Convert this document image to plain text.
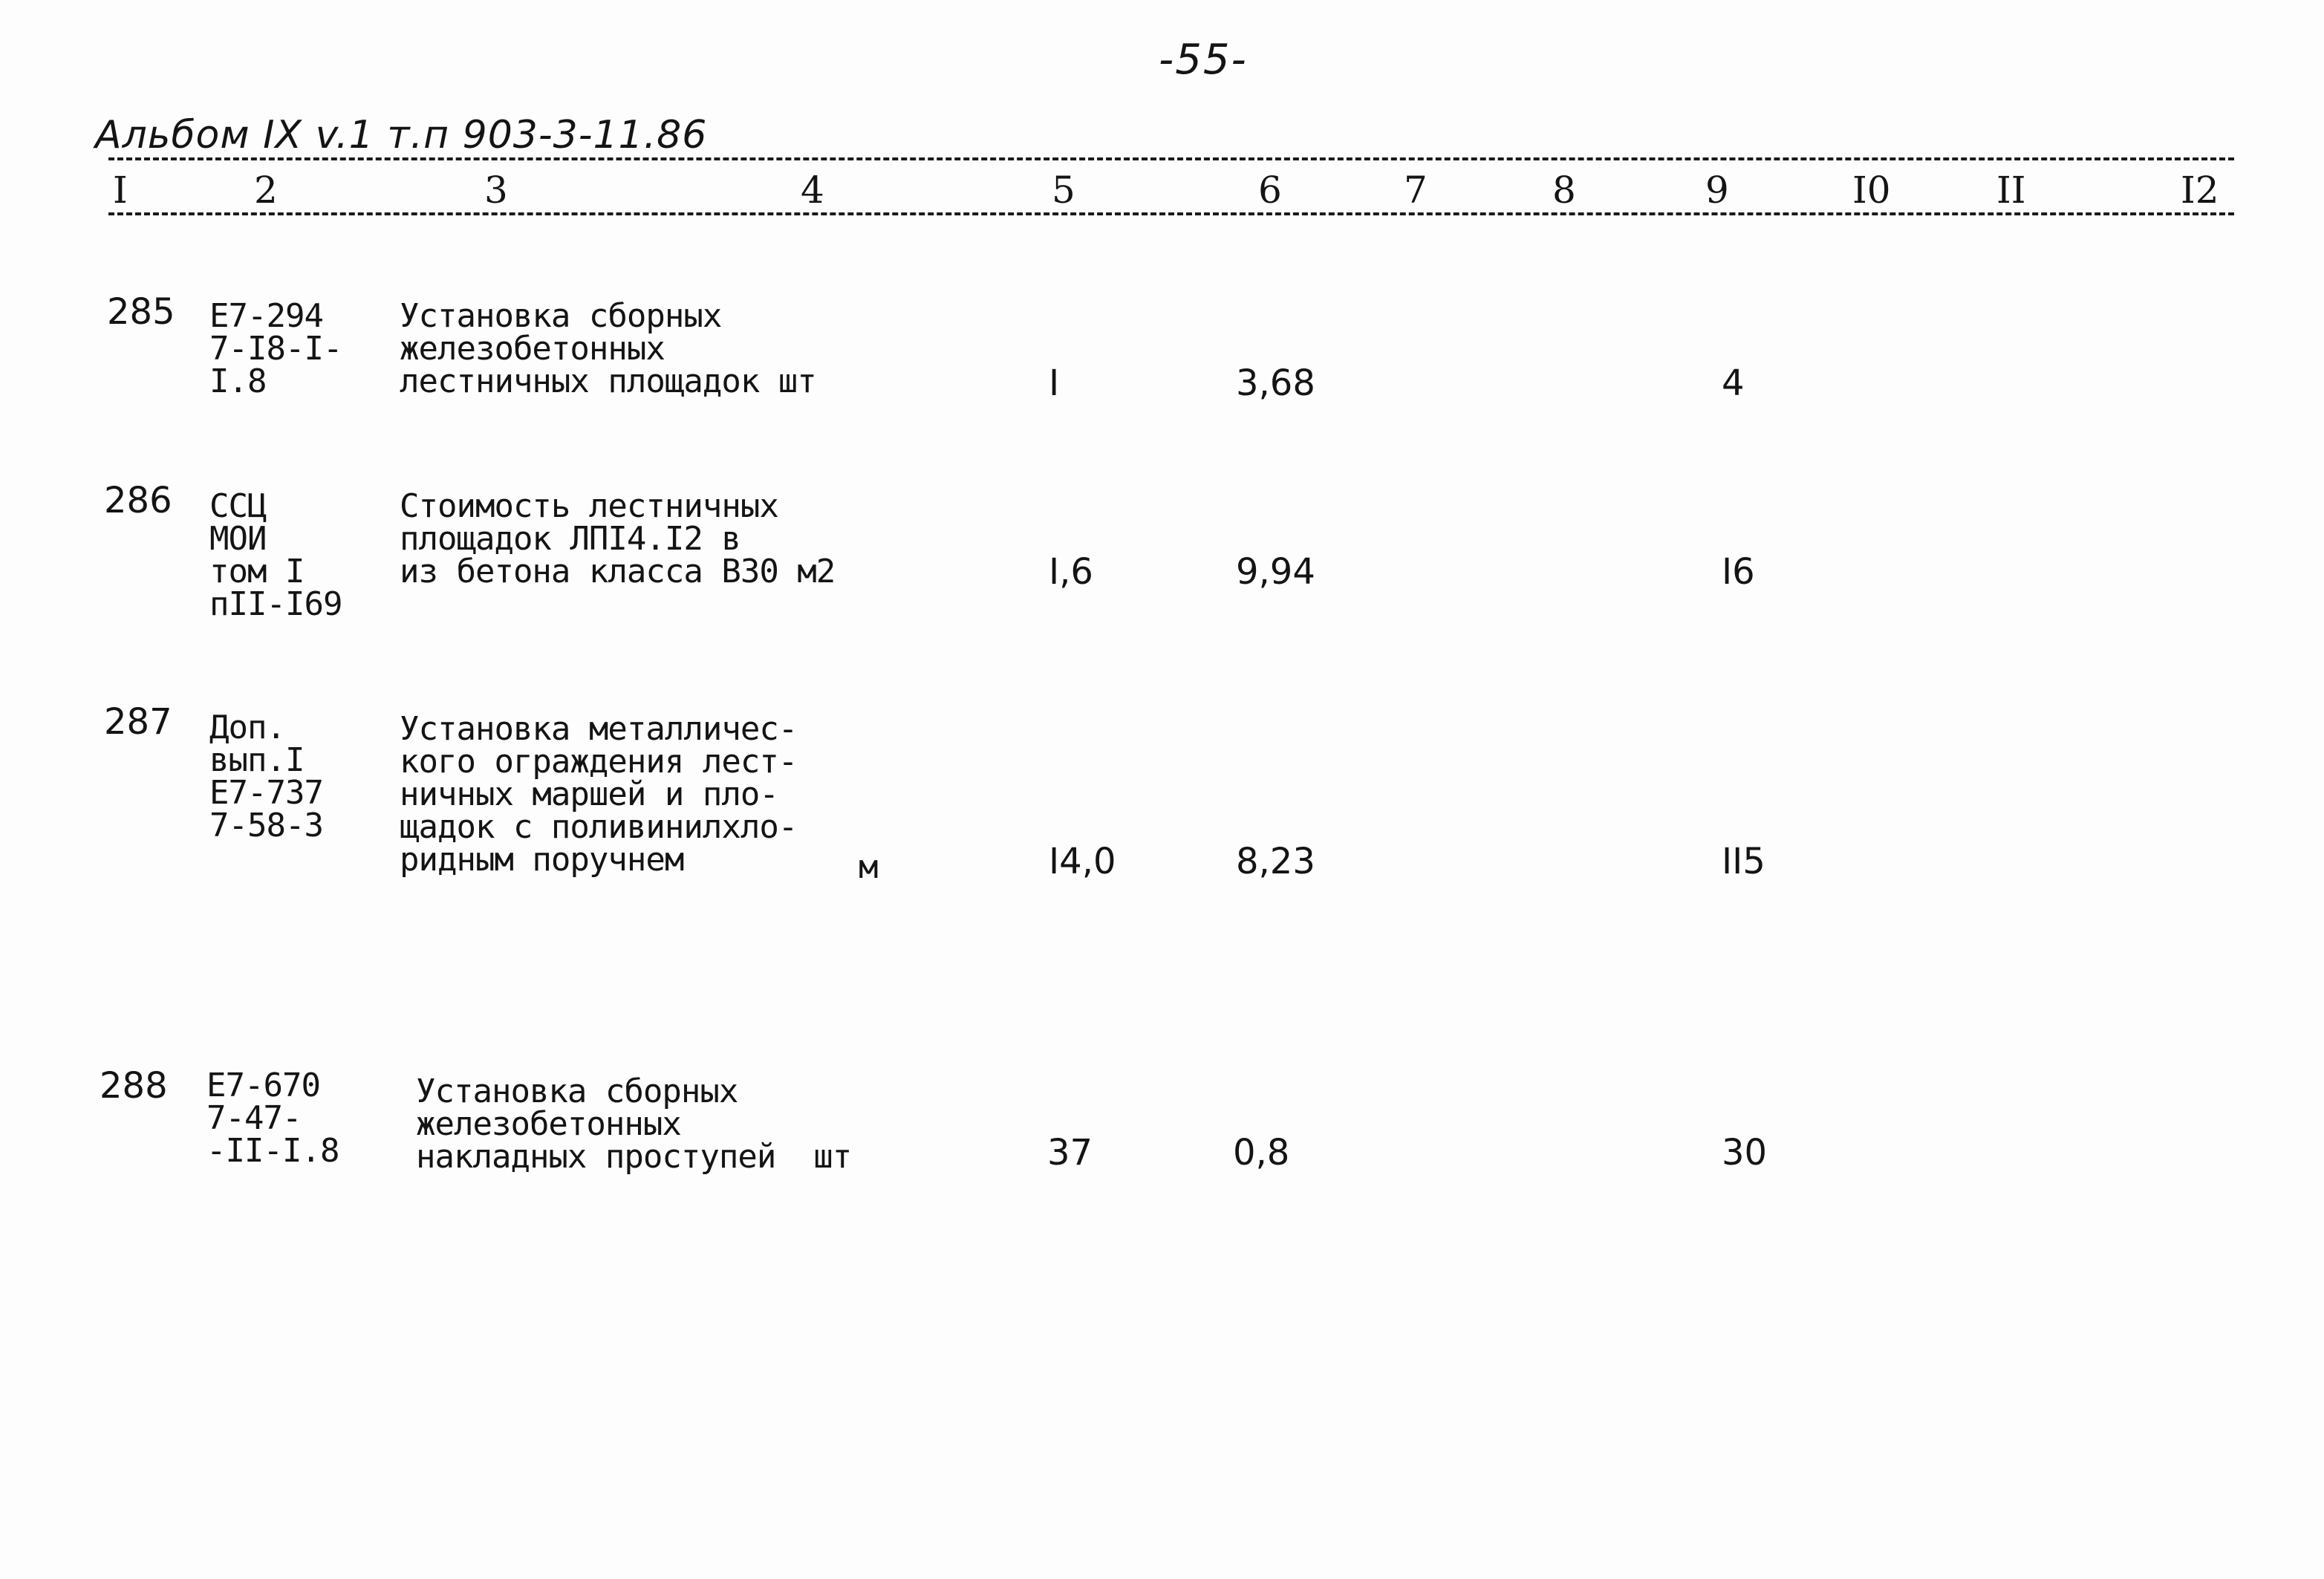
-55-
Альбом IX v.1 т.п 903-3-11.86
I	2	3	4	5	6	7	8	9	I0	II	I2
285 Е7-294
7-I8-I-
I.8
Установка сборных
железобетонных
лестничных площадок шт	I	3,68	4
286 ССЦ
МОИ
том I
пII-I69
Стоимость лестничных
площадок ЛПI4.I2 в
из бетона класса В30 м2	I,6	9,94	I6
287 Доп.
вып.I
Е7-737
7-58-3
Установка металличес-
кого ограждения лест-
ничных маршей и пло-
щадок с поливинилхло-
ридным поручнем	м	I4,0	8,23	II5
288 Е7-670
7-47-
-II-I.8
Установка сборных
железобетонных
накладных проступей  шт	37	0,8	30
